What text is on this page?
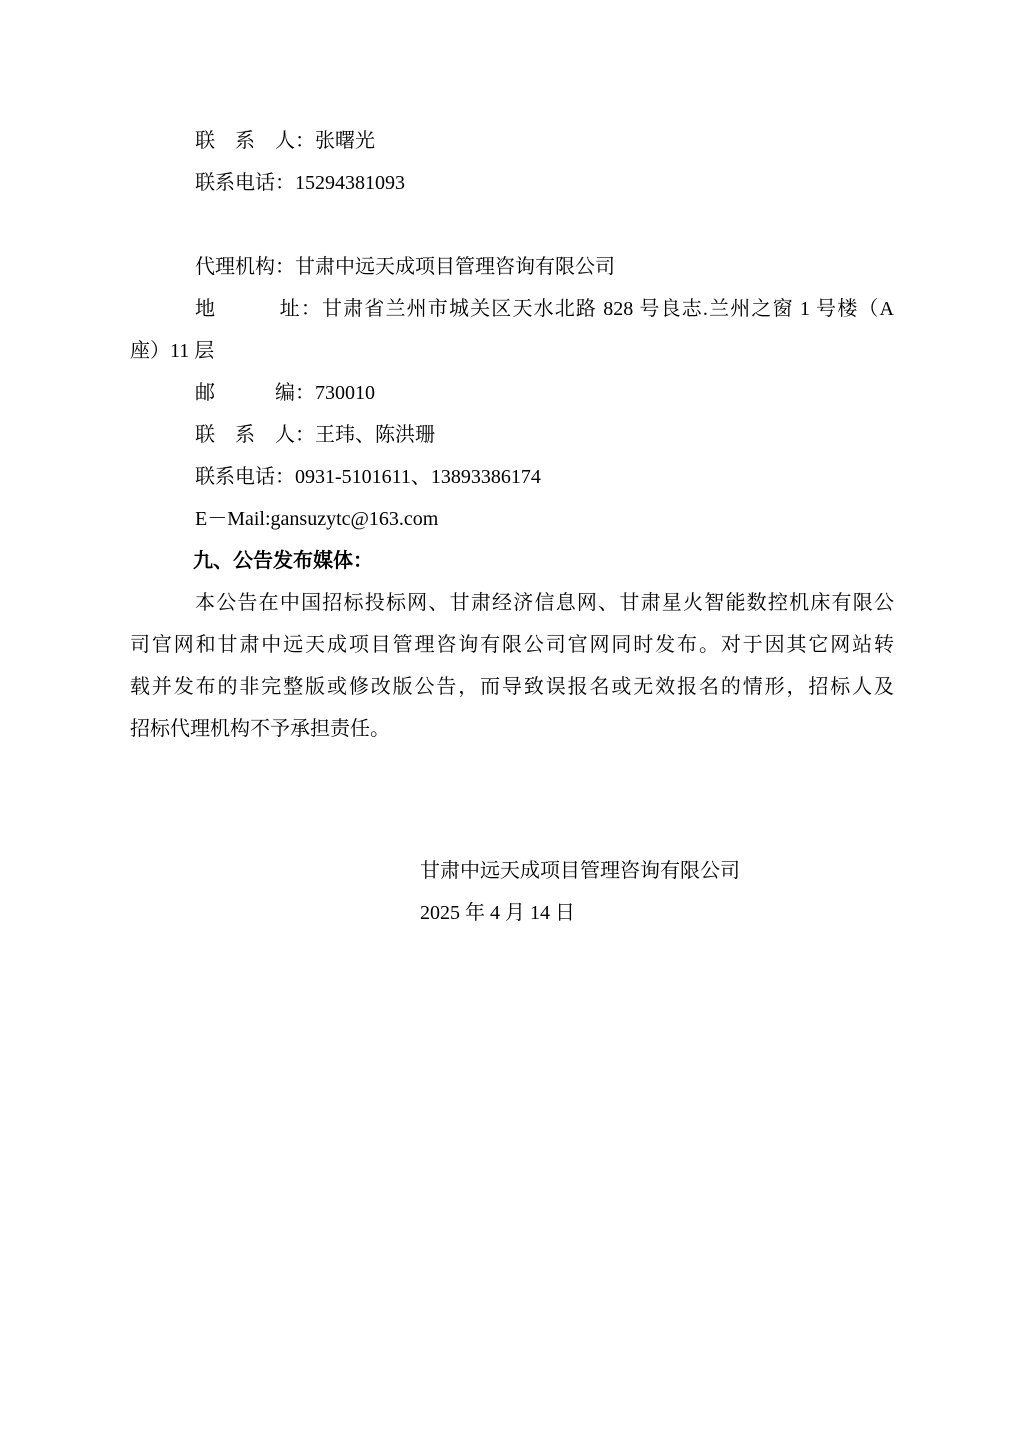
联　系　人：张曙光
联系电话：15294381093
代理机构：甘肃中远天成项目管理咨询有限公司
地　　　址：甘肃省兰州市城关区天水北路 828 号良志.兰州之窗 1 号楼（A
座）11 层
邮　　　编：730010
联　系　人：王玮、陈洪珊
联系电话：0931-5101611、13893386174
E－Mail:gansuzytc@163.com
九、公告发布媒体：
本公告在中国招标投标网、甘肃经济信息网、甘肃星火智能数控机床有限公
司官网和甘肃中远天成项目管理咨询有限公司官网同时发布。对于因其它网站转
载并发布的非完整版或修改版公告，而导致误报名或无效报名的情形，招标人及
招标代理机构不予承担责任。
甘肃中远天成项目管理咨询有限公司
2025 年 4 月 14 日
